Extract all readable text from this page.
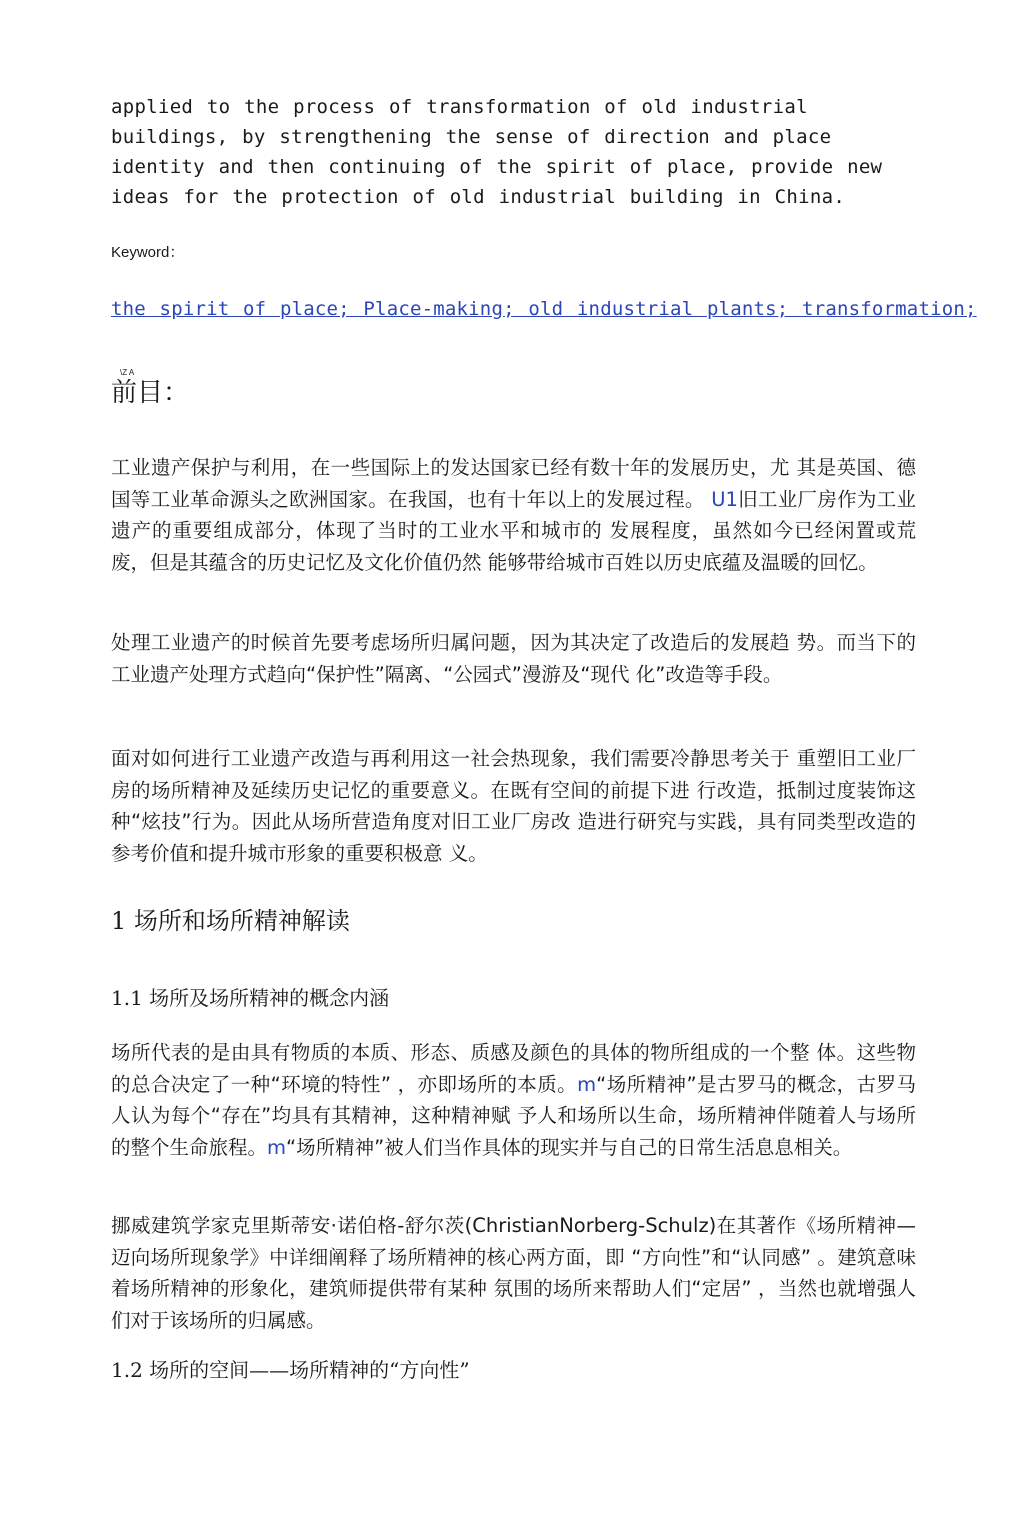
applied to the process of transformation of old industrial buildings, by strengthening the sense of direction and place identity and then continuing of the spirit of place, provide new ideas for the protection of old industrial building in China.

Keyword：
the spirit of place; Place-making; old industrial plants; transformation;
\Z A
前目：

工业遗产保护与利用，在一些国际上的发达国家已经有数十年的发展历史，尤 其是英国、德国等工业革命源头之欧洲国家。在我国，也有十年以上的发展过程。 U1旧工业厂房作为工业遗产的重要组成部分，体现了当时的工业水平和城市的 发展程度，虽然如今已经闲置或荒废，但是其蕴含的历史记忆及文化价值仍然 能够带给城市百姓以历史底蕴及温暖的回忆。

处理工业遗产的时候首先要考虑场所归属问题，因为其决定了改造后的发展趋 势。而当下的工业遗产处理方式趋向“保护性”隔离、“公园式”漫游及“现代 化”改造等手段。

面对如何进行工业遗产改造与再利用这一社会热现象，我们需要冷静思考关于 重塑旧工业厂房的场所精神及延续历史记忆的重要意义。在既有空间的前提下进 行改造，抵制过度装饰这种“炫技”行为。因此从场所营造角度对旧工业厂房改 造进行研究与实践，具有同类型改造的参考价值和提升城市形象的重要积极意 义。

1 场所和场所精神解读
1.1 场所及场所精神的概念内涵

场所代表的是由具有物质的本质、形态、质感及颜色的具体的物所组成的一个整 体。这些物的总合决定了一种“环境的特性” ，亦即场所的本质。m“场所精神”是古罗马的概念，古罗马人认为每个“存在”均具有其精神，这种精神赋 予人和场所以生命，场所精神伴随着人与场所的整个生命旅程。m“场所精神”被人们当作具体的现实并与自己的日常生活息息相关。

挪威建筑学家克里斯蒂安·诺伯格-舒尔茨(ChristianNorberg-Schulz)在其著作《场所精神—迈向场所现象学》中详细阐释了场所精神的核心两方面，即 “方向性”和“认同感” 。建筑意味着场所精神的形象化，建筑师提供带有某种 氛围的场所来帮助人们“定居” ，当然也就增强人们对于该场所的归属感。

1.2 场所的空间——场所精神的“方向性”
